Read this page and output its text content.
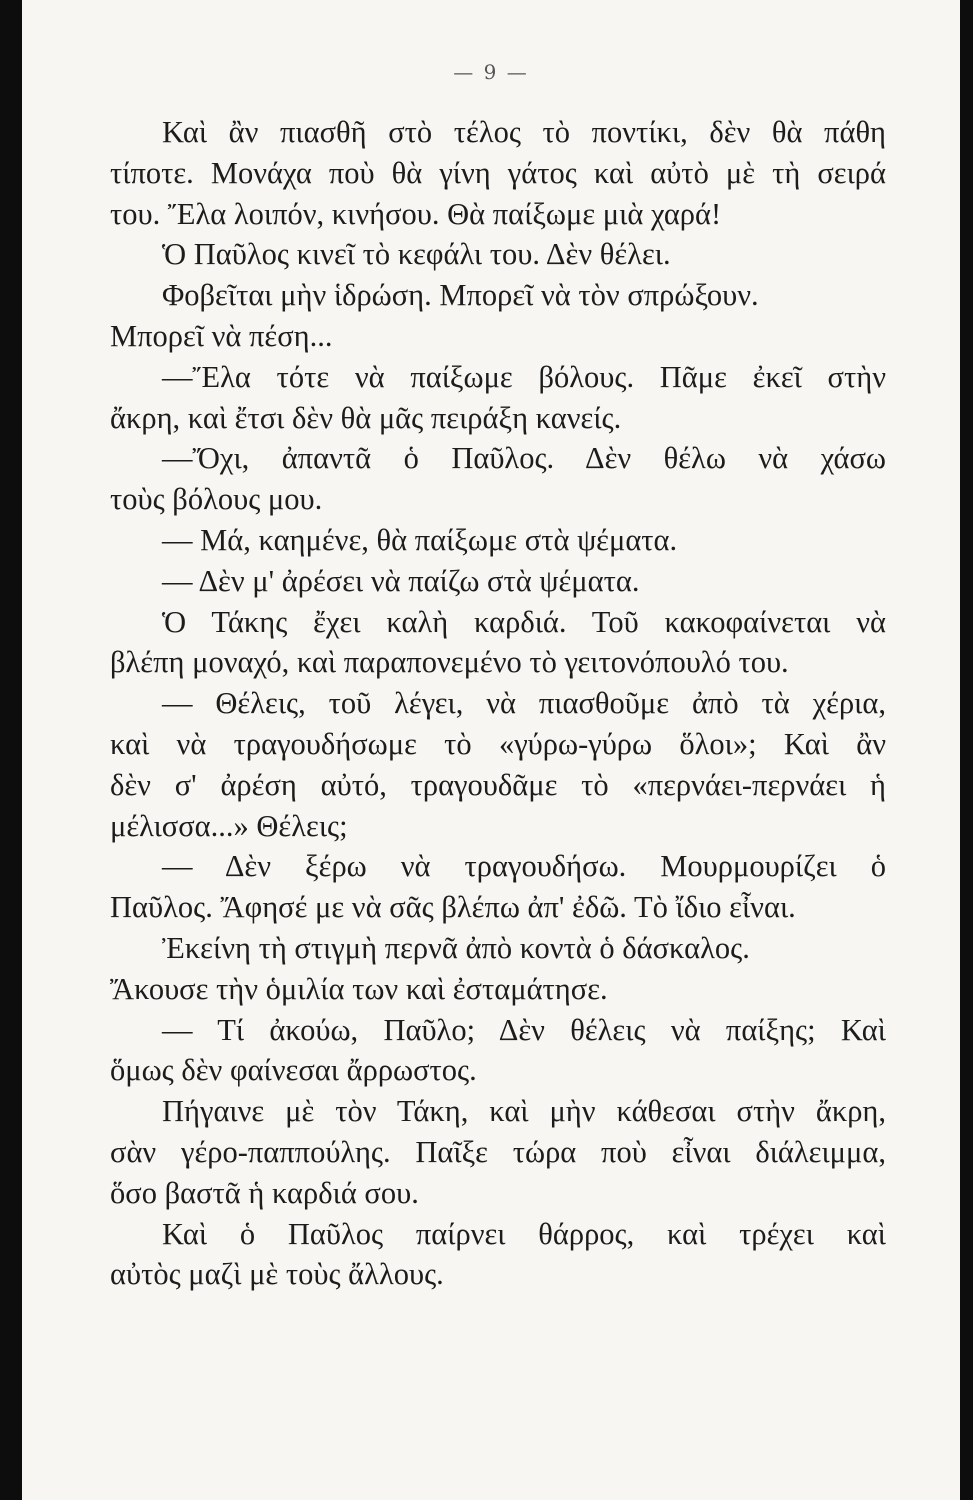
— 9 —
Καὶ ἂν πιασθῆ στὸ τέλος τὸ ποντίκι, δὲν θὰ πάθη
τίποτε. Μονάχα ποὺ θὰ γίνη γάτος καὶ αὐτὸ μὲ τὴ σειρά
του. Ἔλα λοιπόν, κινήσου. Θὰ παίξωμε μιὰ χαρά!
Ὁ Παῦλος κινεῖ τὸ κεφάλι του. Δὲν θέλει.
Φοβεῖται μὴν ἱδρώση. Μπορεῖ νὰ τὸν σπρώξουν.
Μπορεῖ νὰ πέση...
—Ἔλα τότε νὰ παίξωμε βόλους. Πᾶμε ἐκεῖ στὴν
ἄκρη, καὶ ἔτσι δὲν θὰ μᾶς πειράξη κανείς.
—Ὄχι, ἀπαντᾶ ὁ Παῦλος. Δὲν θέλω νὰ χάσω
τοὺς βόλους μου.
— Μά, καημένε, θὰ παίξωμε στὰ ψέματα.
— Δὲν μ' ἀρέσει νὰ παίζω στὰ ψέματα.
Ὁ Τάκης ἔχει καλὴ καρδιά. Τοῦ κακοφαίνεται νὰ
βλέπη μοναχό, καὶ παραπονεμένο τὸ γειτονόπουλό του.
— Θέλεις, τοῦ λέγει, νὰ πιασθοῦμε ἀπὸ τὰ χέρια,
καὶ νὰ τραγουδήσωμε τὸ «γύρω-γύρω ὅλοι»; Καὶ ἂν
δὲν σ' ἀρέση αὐτό, τραγουδᾶμε τὸ «περνάει-περνάει ἡ
μέλισσα...» Θέλεις;
— Δὲν ξέρω νὰ τραγουδήσω. Μουρμουρίζει ὁ
Παῦλος. Ἄφησέ με νὰ σᾶς βλέπω ἀπ' ἐδῶ. Τὸ ἴδιο εἶναι.
Ἐκείνη τὴ στιγμὴ περνᾶ ἀπὸ κοντὰ ὁ δάσκαλος.
Ἄκουσε τὴν ὁμιλία των καὶ ἐσταμάτησε.
— Τί ἀκούω, Παῦλο; Δὲν θέλεις νὰ παίξης; Καὶ
ὅμως δὲν φαίνεσαι ἄρρωστος.
Πήγαινε μὲ τὸν Τάκη, καὶ μὴν κάθεσαι στὴν ἄκρη,
σὰν γέρο-παππούλης. Παῖξε τώρα ποὺ εἶναι διάλειμμα,
ὅσο βαστᾶ ἡ καρδιά σου.
Καὶ ὁ Παῦλος παίρνει θάρρος, καὶ τρέχει καὶ
αὐτὸς μαζὶ μὲ τοὺς ἄλλους.
